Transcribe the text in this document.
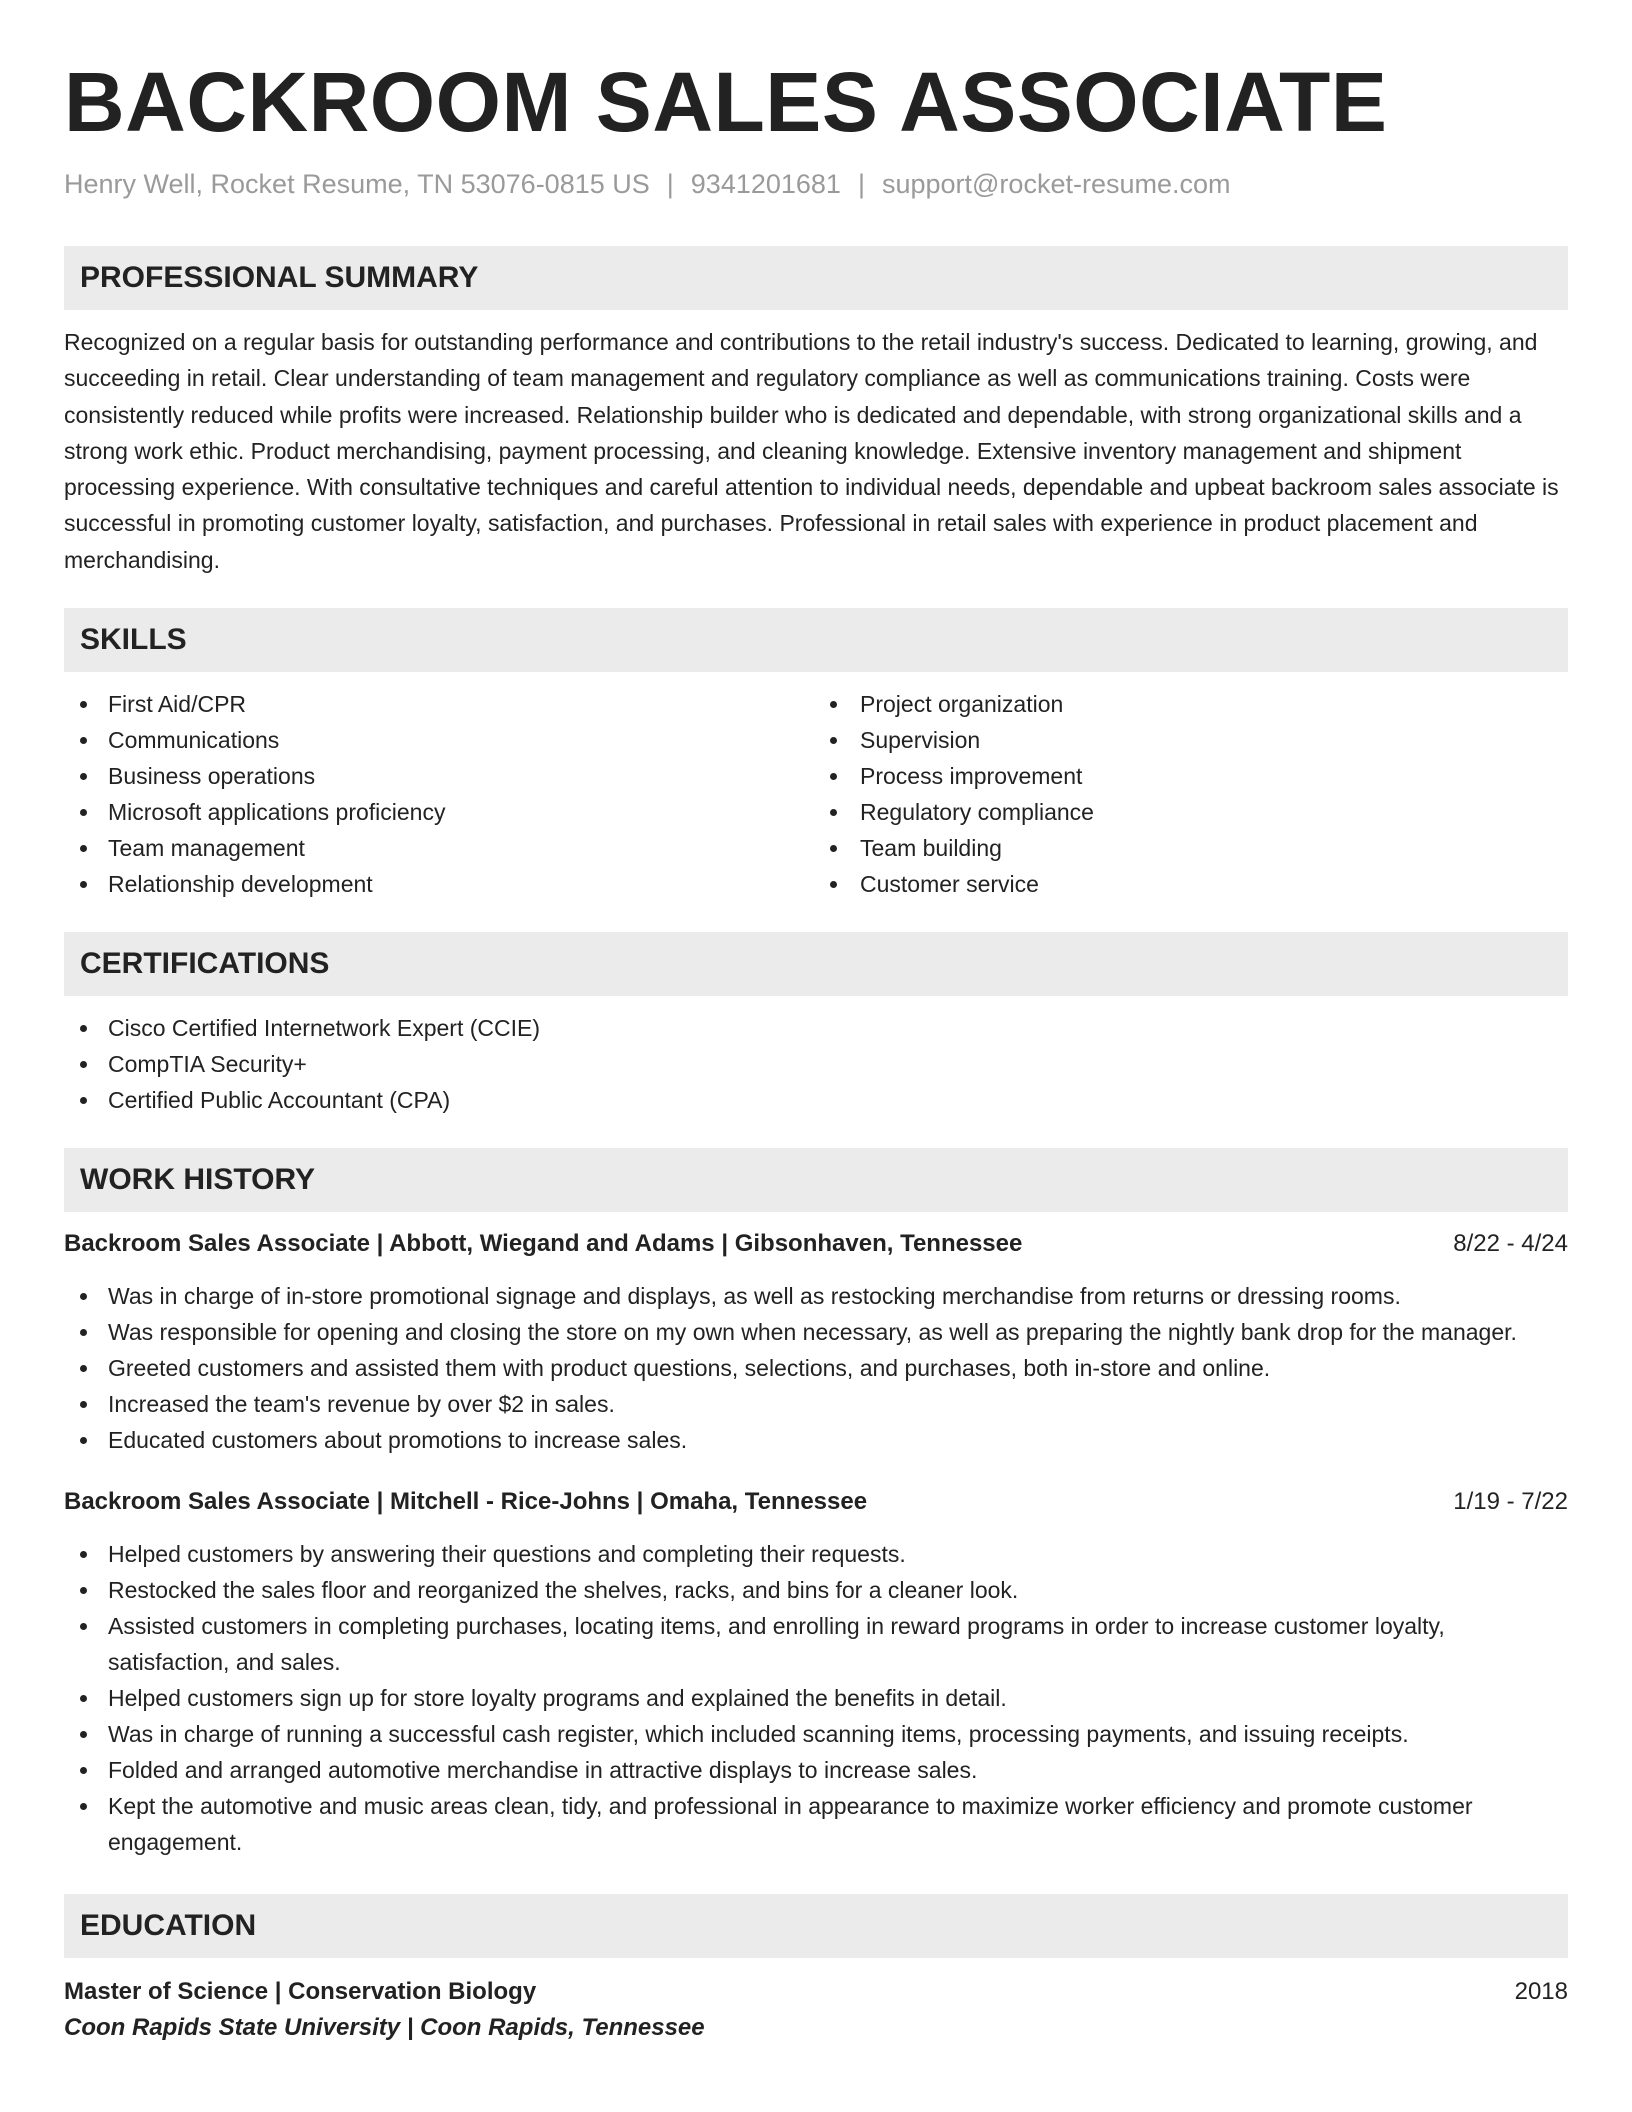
BACKROOM SALES ASSOCIATE
Henry Well, Rocket Resume, TN 53076-0815 US | 9341201681 | support@rocket-resume.com
PROFESSIONAL SUMMARY

Recognized on a regular basis for outstanding performance and contributions to the retail industry's success. Dedicated to learning, growing, and succeeding in retail. Clear understanding of team management and regulatory compliance as well as communications training. Costs were consistently reduced while profits were increased. Relationship builder who is dedicated and dependable, with strong organizational skills and a strong work ethic. Product merchandising, payment processing, and cleaning knowledge. Extensive inventory management and shipment processing experience. With consultative techniques and careful attention to individual needs, dependable and upbeat backroom sales associate is successful in promoting customer loyalty, satisfaction, and purchases. Professional in retail sales with experience in product placement and merchandising.

SKILLS
First Aid/CPR
Communications
Business operations
Microsoft applications proficiency
Team management
Relationship development
Project organization
Supervision
Process improvement
Regulatory compliance
Team building
Customer service
CERTIFICATIONS
Cisco Certified Internetwork Expert (CCIE)
CompTIA Security+
Certified Public Accountant (CPA)
WORK HISTORY
Backroom Sales Associate | Abbott, Wiegand and Adams | Gibsonhaven, Tennessee	8/22 - 4/24
Was in charge of in-store promotional signage and displays, as well as restocking merchandise from returns or dressing rooms.
Was responsible for opening and closing the store on my own when necessary, as well as preparing the nightly bank drop for the manager.
Greeted customers and assisted them with product questions, selections, and purchases, both in-store and online.
Increased the team's revenue by over $2 in sales.
Educated customers about promotions to increase sales.
Backroom Sales Associate | Mitchell - Rice-Johns | Omaha, Tennessee	1/19 - 7/22
Helped customers by answering their questions and completing their requests.
Restocked the sales floor and reorganized the shelves, racks, and bins for a cleaner look.
Assisted customers in completing purchases, locating items, and enrolling in reward programs in order to increase customer loyalty, satisfaction, and sales.
Helped customers sign up for store loyalty programs and explained the benefits in detail.
Was in charge of running a successful cash register, which included scanning items, processing payments, and issuing receipts.
Folded and arranged automotive merchandise in attractive displays to increase sales.
Kept the automotive and music areas clean, tidy, and professional in appearance to maximize worker efficiency and promote customer engagement.
EDUCATION
Master of Science | Conservation Biology	2018
Coon Rapids State University | Coon Rapids, Tennessee
